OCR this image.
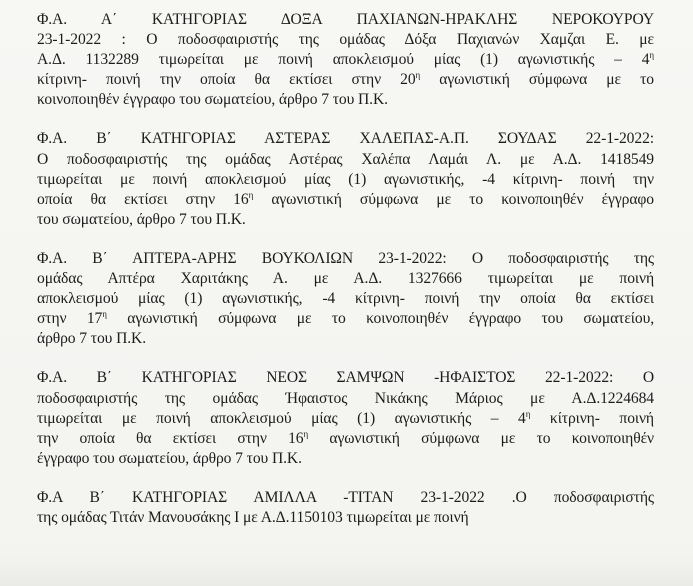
Φ.Α. Α΄ ΚΑΤΗΓΟΡΙΑΣ ΔΟΞΑ ΠΑΧΙΑΝΩΝ-ΗΡΑΚΛΗΣ ΝΕΡΟΚΟΥΡΟΥ
23-1-2022 : Ο ποδοσφαιριστής της ομάδας Δόξα Παχιανών Χαμζαι Ε. με
Α.Δ. 1132289 τιμωρείται με ποινή αποκλεισμού μίας (1) αγωνιστικής – $4^\eta$
κίτρινη- ποινή την οποία θα εκτίσει στην $20^\eta$ αγωνιστική σύμφωνα με το
κοινοποιηθέν έγγραφο του σωματείου, άρθρο 7 του Π.Κ.

Φ.Α. Β΄ ΚΑΤΗΓΟΡΙΑΣ ΑΣΤΕΡΑΣ ΧΑΛΕΠΑΣ-Α.Π. ΣΟΥΔΑΣ 22-1-2022:
Ο ποδοσφαιριστής της ομάδας Αστέρας Χαλέπα Λαμάι Λ. με Α.Δ. 1418549
τιμωρείται με ποινή αποκλεισμού μίας (1) αγωνιστικής, -4 κίτρινη- ποινή την
οποία θα εκτίσει στην $16^\eta$ αγωνιστική σύμφωνα με το κοινοποιηθέν έγγραφο
του σωματείου, άρθρο 7 του Π.Κ.

Φ.Α. Β΄ ΑΠΤΕΡΑ-ΑΡΗΣ ΒΟΥΚΟΛΙΩΝ 23-1-2022: Ο ποδοσφαιριστής της
ομάδας Απτέρα Χαριτάκης Α. με Α.Δ. 1327666 τιμωρείται με ποινή
αποκλεισμού μίας (1) αγωνιστικής, -4 κίτρινη- ποινή την οποία θα εκτίσει
στην $17^\eta$ αγωνιστική σύμφωνα με το κοινοποιηθέν έγγραφο του σωματείου,
άρθρο 7 του Π.Κ.

Φ.Α. Β΄ ΚΑΤΗΓΟΡΙΑΣ ΝΕΟΣ ΣΑΜΨΩΝ -ΗΦΑΙΣΤΟΣ 22-1-2022: Ο
ποδοσφαιριστής της ομάδας Ήφαιστος Νικάκης Μάριος με Α.Δ.1224684
τιμωρείται με ποινή αποκλεισμού μίας (1) αγωνιστικής – $4^\eta$ κίτρινη- ποινή
την οποία θα εκτίσει στην $16^\eta$ αγωνιστική σύμφωνα με το κοινοποιηθέν
έγγραφο του σωματείου, άρθρο 7 του Π.Κ.

Φ.Α Β΄ ΚΑΤΗΓΟΡΙΑΣ ΑΜΙΛΛΑ -ΤΙΤΑΝ 23-1-2022 .Ο ποδοσφαιριστής
της ομάδας Τιτάν Μανουσάκης Ι με Α.Δ.1150103 τιμωρείται με ποινή
